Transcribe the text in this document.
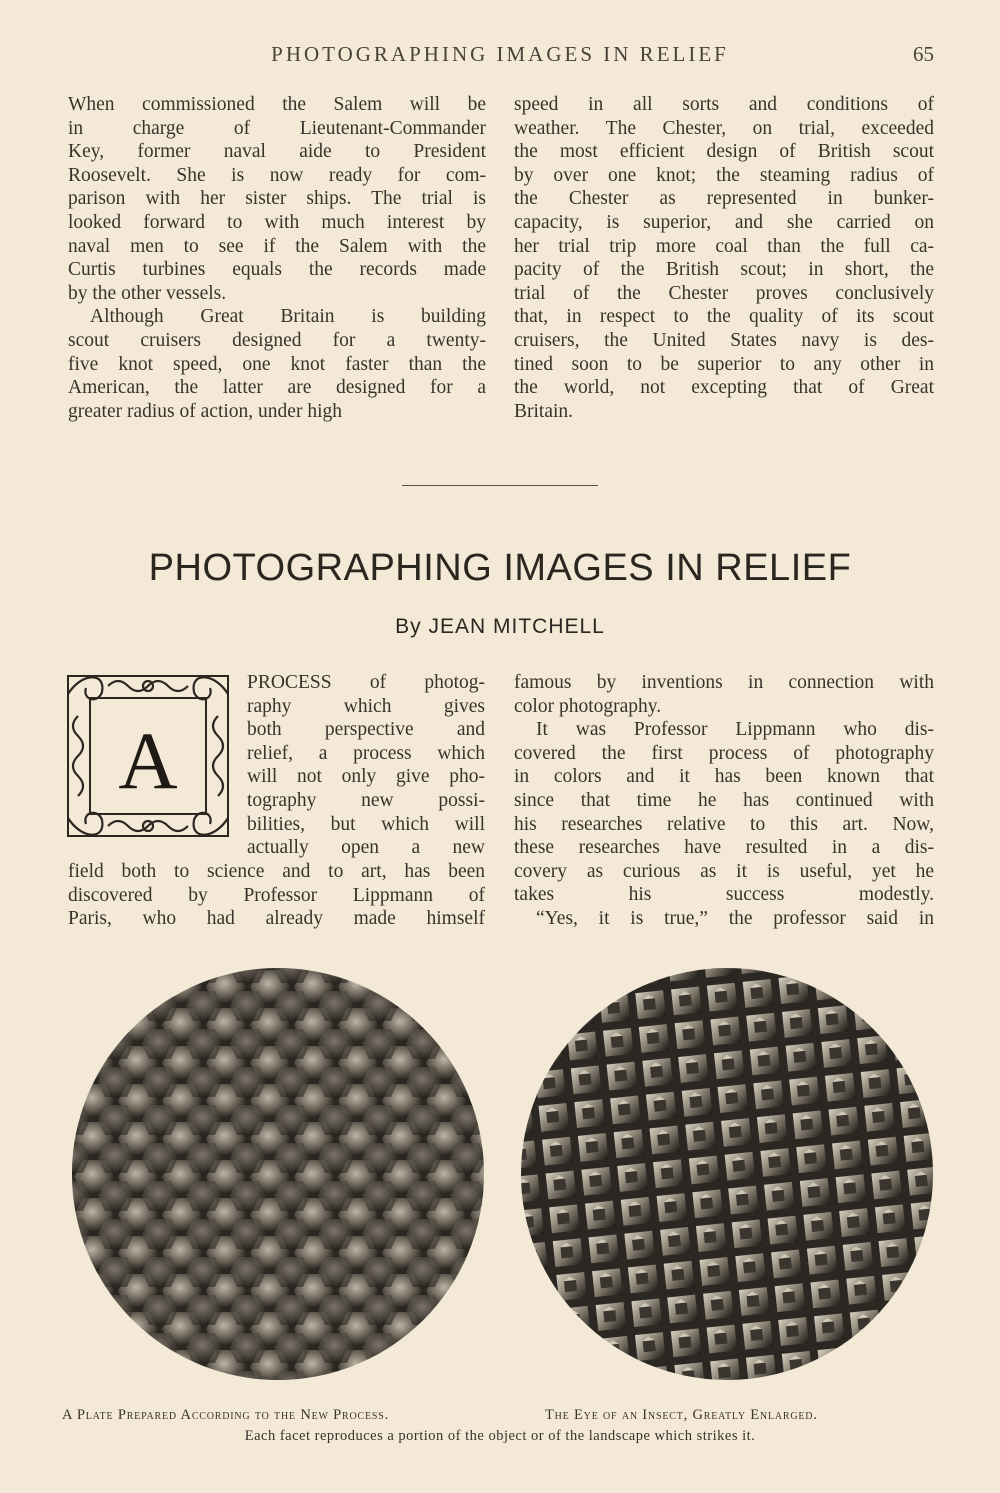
PHOTOGRAPHING IMAGES IN RELIEF	65
When commissioned the Salem will be
in charge of Lieutenant-Commander
Key, former naval aide to President
Roosevelt. She is now ready for com-
parison with her sister ships. The trial is
looked forward to with much interest by
naval men to see if the Salem with the
Curtis turbines equals the records made
by the other vessels.
Although Great Britain is building
scout cruisers designed for a twenty-
five knot speed, one knot faster than the
American, the latter are designed for a
greater radius of action, under high
speed in all sorts and conditions of
weather. The Chester, on trial, exceeded
the most efficient design of British scout
by over one knot; the steaming radius of
the Chester as represented in bunker-
capacity, is superior, and she carried on
her trial trip more coal than the full ca-
pacity of the British scout; in short, the
trial of the Chester proves conclusively
that, in respect to the quality of its scout
cruisers, the United States navy is des-
tined soon to be superior to any other in
the world, not excepting that of Great
Britain.
PHOTOGRAPHING IMAGES IN RELIEF
By JEAN MITCHELL
A
PROCESS of photog-
raphy which gives
both perspective and
relief, a process which
will not only give pho-
tography new possi-
bilities, but which will
actually open a new
field both to science and to art, has been
discovered by Professor Lippmann of
Paris, who had already made himself
famous by inventions in connection with
color photography.
It was Professor Lippmann who dis-
covered the first process of photography
in colors and it has been known that
since that time he has continued with
his researches relative to this art. Now,
these researches have resulted in a dis-
covery as curious as it is useful, yet he
takes his success modestly.
“Yes, it is true,” the professor said in
A Plate Prepared According to the New Process.	The Eye of an Insect, Greatly Enlarged.
Each facet reproduces a portion of the object or of the landscape which strikes it.
